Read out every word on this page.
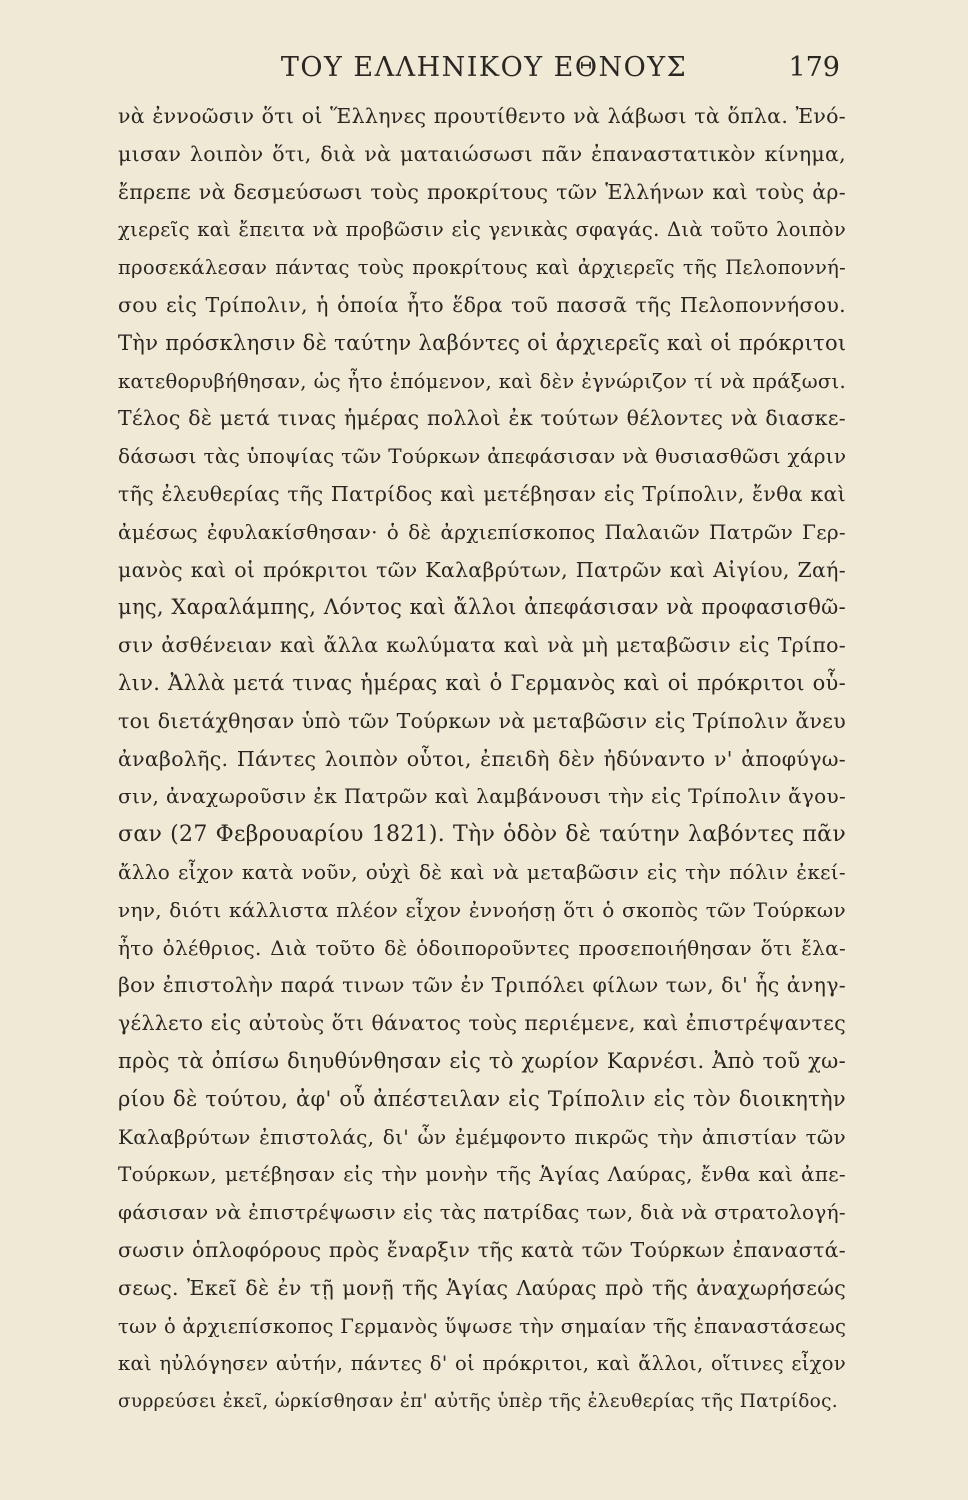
ΤΟΥ ΕΛΛΗΝΙΚΟΥ ΕΘΝΟΥΣ	179
νὰ ἐννοῶσιν ὅτι οἱ Ἕλληνες προυτίθεντο νὰ λάβωσι τὰ ὅπλα. Ἐνό-
μισαν λοιπὸν ὅτι, διὰ νὰ ματαιώσωσι πᾶν ἐπαναστατικὸν κίνημα,
ἔπρεπε νὰ δεσμεύσωσι τοὺς προκρίτους τῶν Ἑλλήνων καὶ τοὺς ἀρ-
χιερεῖς καὶ ἔπειτα νὰ προβῶσιν εἰς γενικὰς σφαγάς. Διὰ τοῦτο λοιπὸν
προσεκάλεσαν πάντας τοὺς προκρίτους καὶ ἀρχιερεῖς τῆς Πελοποννή-
σου εἰς Τρίπολιν, ἡ ὁποία ἦτο ἕδρα τοῦ πασσᾶ τῆς Πελοποννήσου.
Τὴν πρόσκλησιν δὲ ταύτην λαβόντες οἱ ἀρχιερεῖς καὶ οἱ πρόκριτοι
κατεθορυβήθησαν, ὡς ἦτο ἑπόμενον, καὶ δὲν ἐγνώριζον τί νὰ πράξωσι.
Τέλος δὲ μετά τινας ἡμέρας πολλοὶ ἐκ τούτων θέλοντες νὰ διασκε-
δάσωσι τὰς ὑποψίας τῶν Τούρκων ἀπεφάσισαν νὰ θυσιασθῶσι χάριν
τῆς ἐλευθερίας τῆς Πατρίδος καὶ μετέβησαν εἰς Τρίπολιν, ἔνθα καὶ
ἀμέσως ἐφυλακίσθησαν· ὁ δὲ ἀρχιεπίσκοπος Παλαιῶν Πατρῶν Γερ-
μανὸς καὶ οἱ πρόκριτοι τῶν Καλαβρύτων, Πατρῶν καὶ Αἰγίου, Ζαή-
μης, Χαραλάμπης, Λόντος καὶ ἄλλοι ἀπεφάσισαν νὰ προφασισθῶ-
σιν ἀσθένειαν καὶ ἄλλα κωλύματα καὶ νὰ μὴ μεταβῶσιν εἰς Τρίπο-
λιν. Ἀλλὰ μετά τινας ἡμέρας καὶ ὁ Γερμανὸς καὶ οἱ πρόκριτοι οὗ-
τοι διετάχθησαν ὑπὸ τῶν Τούρκων νὰ μεταβῶσιν εἰς Τρίπολιν ἄνευ
ἀναβολῆς. Πάντες λοιπὸν οὗτοι, ἐπειδὴ δὲν ἠδύναντο ν' ἀποφύγω-
σιν, ἀναχωροῦσιν ἐκ Πατρῶν καὶ λαμβάνουσι τὴν εἰς Τρίπολιν ἄγου-
σαν (27 Φεβρουαρίου 1821). Τὴν ὁδὸν δὲ ταύτην λαβόντες πᾶν
ἄλλο εἶχον κατὰ νοῦν, οὐχὶ δὲ καὶ νὰ μεταβῶσιν εἰς τὴν πόλιν ἐκεί-
νην, διότι κάλλιστα πλέον εἶχον ἐννοήσῃ ὅτι ὁ σκοπὸς τῶν Τούρκων
ἦτο ὀλέθριος. Διὰ τοῦτο δὲ ὁδοιποροῦντες προσεποιήθησαν ὅτι ἔλα-
βον ἐπιστολὴν παρά τινων τῶν ἐν Τριπόλει φίλων των, δι' ἧς ἀνηγ-
γέλλετο εἰς αὐτοὺς ὅτι θάνατος τοὺς περιέμενε, καὶ ἐπιστρέψαντες
πρὸς τὰ ὀπίσω διηυθύνθησαν εἰς τὸ χωρίον Καρνέσι. Ἀπὸ τοῦ χω-
ρίου δὲ τούτου, ἀφ' οὗ ἀπέστειλαν εἰς Τρίπολιν εἰς τὸν διοικητὴν
Καλαβρύτων ἐπιστολάς, δι' ὧν ἐμέμφοντο πικρῶς τὴν ἀπιστίαν τῶν
Τούρκων, μετέβησαν εἰς τὴν μονὴν τῆς Ἁγίας Λαύρας, ἔνθα καὶ ἀπε-
φάσισαν νὰ ἐπιστρέψωσιν εἰς τὰς πατρίδας των, διὰ νὰ στρατολογή-
σωσιν ὁπλοφόρους πρὸς ἔναρξιν τῆς κατὰ τῶν Τούρκων ἐπαναστά-
σεως. Ἐκεῖ δὲ ἐν τῇ μονῇ τῆς Ἁγίας Λαύρας πρὸ τῆς ἀναχωρήσεώς
των ὁ ἀρχιεπίσκοπος Γερμανὸς ὕψωσε τὴν σημαίαν τῆς ἐπαναστάσεως
καὶ ηὐλόγησεν αὐτήν, πάντες δ' οἱ πρόκριτοι, καὶ ἄλλοι, οἵτινες εἶχον
συρρεύσει ἐκεῖ, ὡρκίσθησαν ἐπ' αὐτῆς ὑπὲρ τῆς ἐλευθερίας τῆς Πατρίδος.
